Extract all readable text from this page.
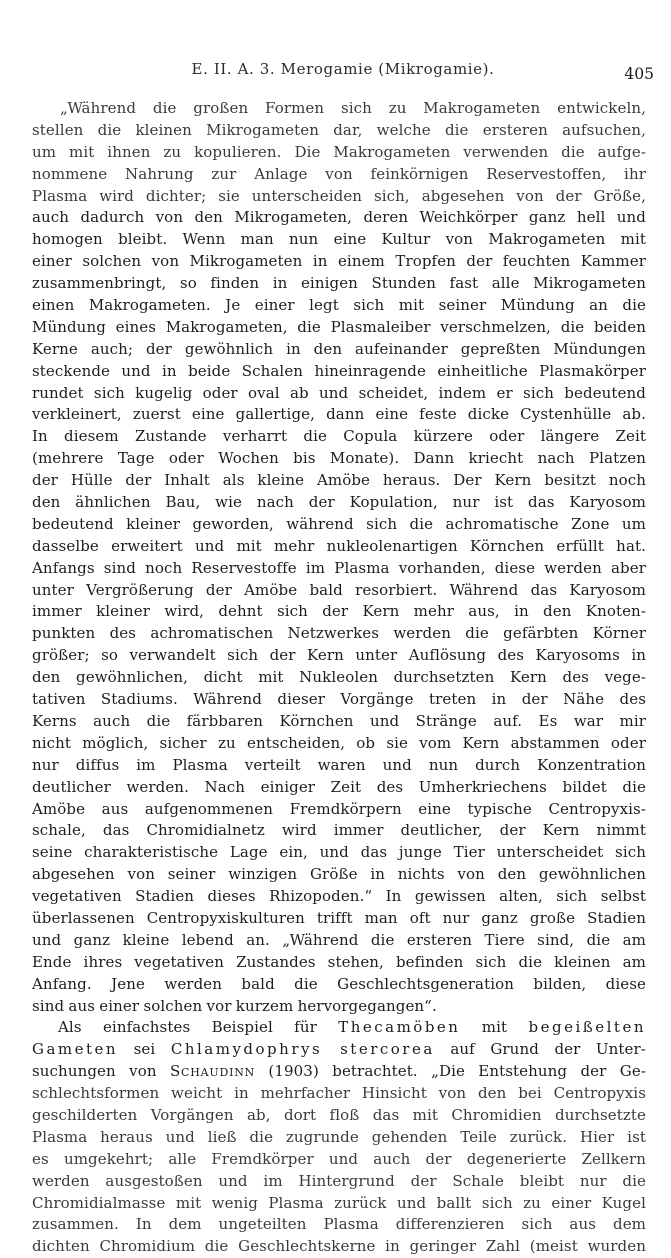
E. II. A. 3. Merogamie (Mikrogamie).	405
„Während die großen Formen sich zu Makrogameten entwickeln,
stellen die kleinen Mikrogameten dar, welche die ersteren aufsuchen,
um mit ihnen zu kopulieren. Die Makrogameten verwenden die aufge-
nommene Nahrung zur Anlage von feinkörnigen Reservestoffen, ihr
Plasma wird dichter; sie unterscheiden sich, abgesehen von der Größe,
auch dadurch von den Mikrogameten, deren Weichkörper ganz hell und
homogen bleibt. Wenn man nun eine Kultur von Makrogameten mit
einer solchen von Mikrogameten in einem Tropfen der feuchten Kammer
zusammenbringt, so finden in einigen Stunden fast alle Mikrogameten
einen Makrogameten. Je einer legt sich mit seiner Mündung an die
Mündung eines Makrogameten, die Plasmaleiber verschmelzen, die beiden
Kerne auch; der gewöhnlich in den aufeinander gepreßten Mündungen
steckende und in beide Schalen hineinragende einheitliche Plasmakörper
rundet sich kugelig oder oval ab und scheidet, indem er sich bedeutend
verkleinert, zuerst eine gallertige, dann eine feste dicke Cystenhülle ab.
In diesem Zustande verharrt die Copula kürzere oder längere Zeit
(mehrere Tage oder Wochen bis Monate). Dann kriecht nach Platzen
der Hülle der Inhalt als kleine Amöbe heraus. Der Kern besitzt noch
den ähnlichen Bau, wie nach der Kopulation, nur ist das Karyosom
bedeutend kleiner geworden, während sich die achromatische Zone um
dasselbe erweitert und mit mehr nukleolenartigen Körnchen erfüllt hat.
Anfangs sind noch Reservestoffe im Plasma vorhanden, diese werden aber
unter Vergrößerung der Amöbe bald resorbiert. Während das Karyosom
immer kleiner wird, dehnt sich der Kern mehr aus, in den Knoten-
punkten des achromatischen Netzwerkes werden die gefärbten Körner
größer; so verwandelt sich der Kern unter Auflösung des Karyosoms in
den gewöhnlichen, dicht mit Nukleolen durchsetzten Kern des vege-
tativen Stadiums. Während dieser Vorgänge treten in der Nähe des
Kerns auch die färbbaren Körnchen und Stränge auf. Es war mir
nicht möglich, sicher zu entscheiden, ob sie vom Kern abstammen oder
nur diffus im Plasma verteilt waren und nun durch Konzentration
deutlicher werden. Nach einiger Zeit des Umherkriechens bildet die
Amöbe aus aufgenommenen Fremdkörpern eine typische Centropyxis-
schale, das Chromidialnetz wird immer deutlicher, der Kern nimmt
seine charakteristische Lage ein, und das junge Tier unterscheidet sich
abgesehen von seiner winzigen Größe in nichts von den gewöhnlichen
vegetativen Stadien dieses Rhizopoden.“ In gewissen alten, sich selbst
überlassenen Centropyxiskulturen trifft man oft nur ganz große Stadien
und ganz kleine lebend an. „Während die ersteren Tiere sind, die am
Ende ihres vegetativen Zustandes stehen, befinden sich die kleinen am
Anfang. Jene werden bald die Geschlechtsgeneration bilden, diese
sind aus einer solchen vor kurzem hervorgegangen“.
Als einfachstes Beispiel für Thecamöben mit begeißelten
Gameten sei Chlamydophrys stercorea auf Grund der Unter-
suchungen von Schaudinn (1903) betrachtet. „Die Entstehung der Ge-
schlechtsformen weicht in mehrfacher Hinsicht von den bei Centropyxis
geschilderten Vorgängen ab, dort floß das mit Chromidien durchsetzte
Plasma heraus und ließ die zugrunde gehenden Teile zurück. Hier ist
es umgekehrt; alle Fremdkörper und auch der degenerierte Zellkern
werden ausgestoßen und im Hintergrund der Schale bleibt nur die
Chromidialmasse mit wenig Plasma zurück und ballt sich zu einer Kugel
zusammen. In dem ungeteilten Plasma differenzieren sich aus dem
dichten Chromidium die Geschlechtskerne in geringer Zahl (meist wurden
